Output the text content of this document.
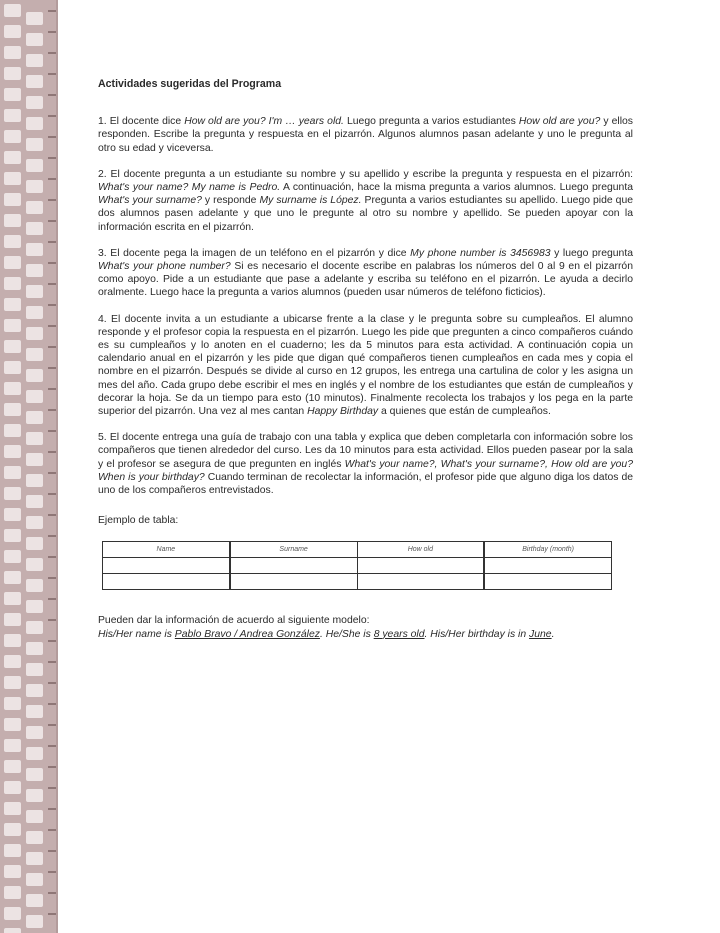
Actividades sugeridas del Programa
1. El docente dice How old are you? I'm … years old. Luego pregunta a varios estudiantes How old are you? y ellos responden. Escribe la pregunta y respuesta en el pizarrón. Algunos alumnos pasan adelante y uno le pregunta al otro su edad y viceversa.
2. El docente pregunta a un estudiante su nombre y su apellido y escribe la pregunta y respuesta en el pizarrón: What's your name? My name is Pedro. A continuación, hace la misma pregunta a varios alumnos. Luego pregunta What's your surname? y responde My surname is López. Pregunta a varios estudiantes su apellido. Luego pide que dos alumnos pasen adelante y que uno le pregunte al otro su nombre y apellido. Se pueden apoyar con la información escrita en el pizarrón.
3. El docente pega la imagen de un teléfono en el pizarrón y dice My phone number is 3456983 y luego pregunta What's your phone number? Si es necesario el docente escribe en palabras los números del 0 al 9 en el pizarrón como apoyo. Pide a un estudiante que pase a adelante y escriba su teléfono en el pizarrón. Le ayuda a decirlo oralmente. Luego hace la pregunta a varios alumnos (pueden usar números de teléfono ficticios).
4. El docente invita a un estudiante a ubicarse frente a la clase y le pregunta sobre su cumpleaños. El alumno responde y el profesor copia la respuesta en el pizarrón. Luego les pide que pregunten a cinco compañeros cuándo es su cumpleaños y lo anoten en el cuaderno; les da 5 minutos para esta actividad. A continuación copia un calendario anual en el pizarrón y les pide que digan qué compañeros tienen cumpleaños en cada mes y copia el nombre en el pizarrón. Después se divide al curso en 12 grupos, les entrega una cartulina de color y les asigna un mes del año. Cada grupo debe escribir el mes en inglés y el nombre de los estudiantes que están de cumpleaños y decorar la hoja. Se da un tiempo para esto (10 minutos). Finalmente recolecta los trabajos y los pega en la parte superior del pizarrón. Una vez al mes cantan Happy Birthday a quienes que están de cumpleaños.
5. El docente entrega una guía de trabajo con una tabla y explica que deben completarla con información sobre los compañeros que tienen alrededor del curso. Les da 10 minutos para esta actividad. Ellos pueden pasear por la sala y el profesor se asegura de que pregunten en inglés What's your name?, What's your surname?, How old are you? When is your birthday? Cuando terminan de recolectar la información, el profesor pide que alguno diga los datos de uno de los compañeros entrevistados.
Ejemplo de tabla:
Name	Surname	How old	Birthday (month)

Pueden dar la información de acuerdo al siguiente modelo:
His/Her name is Pablo Bravo / Andrea González. He/She is 8 years old. His/Her birthday is in June.
